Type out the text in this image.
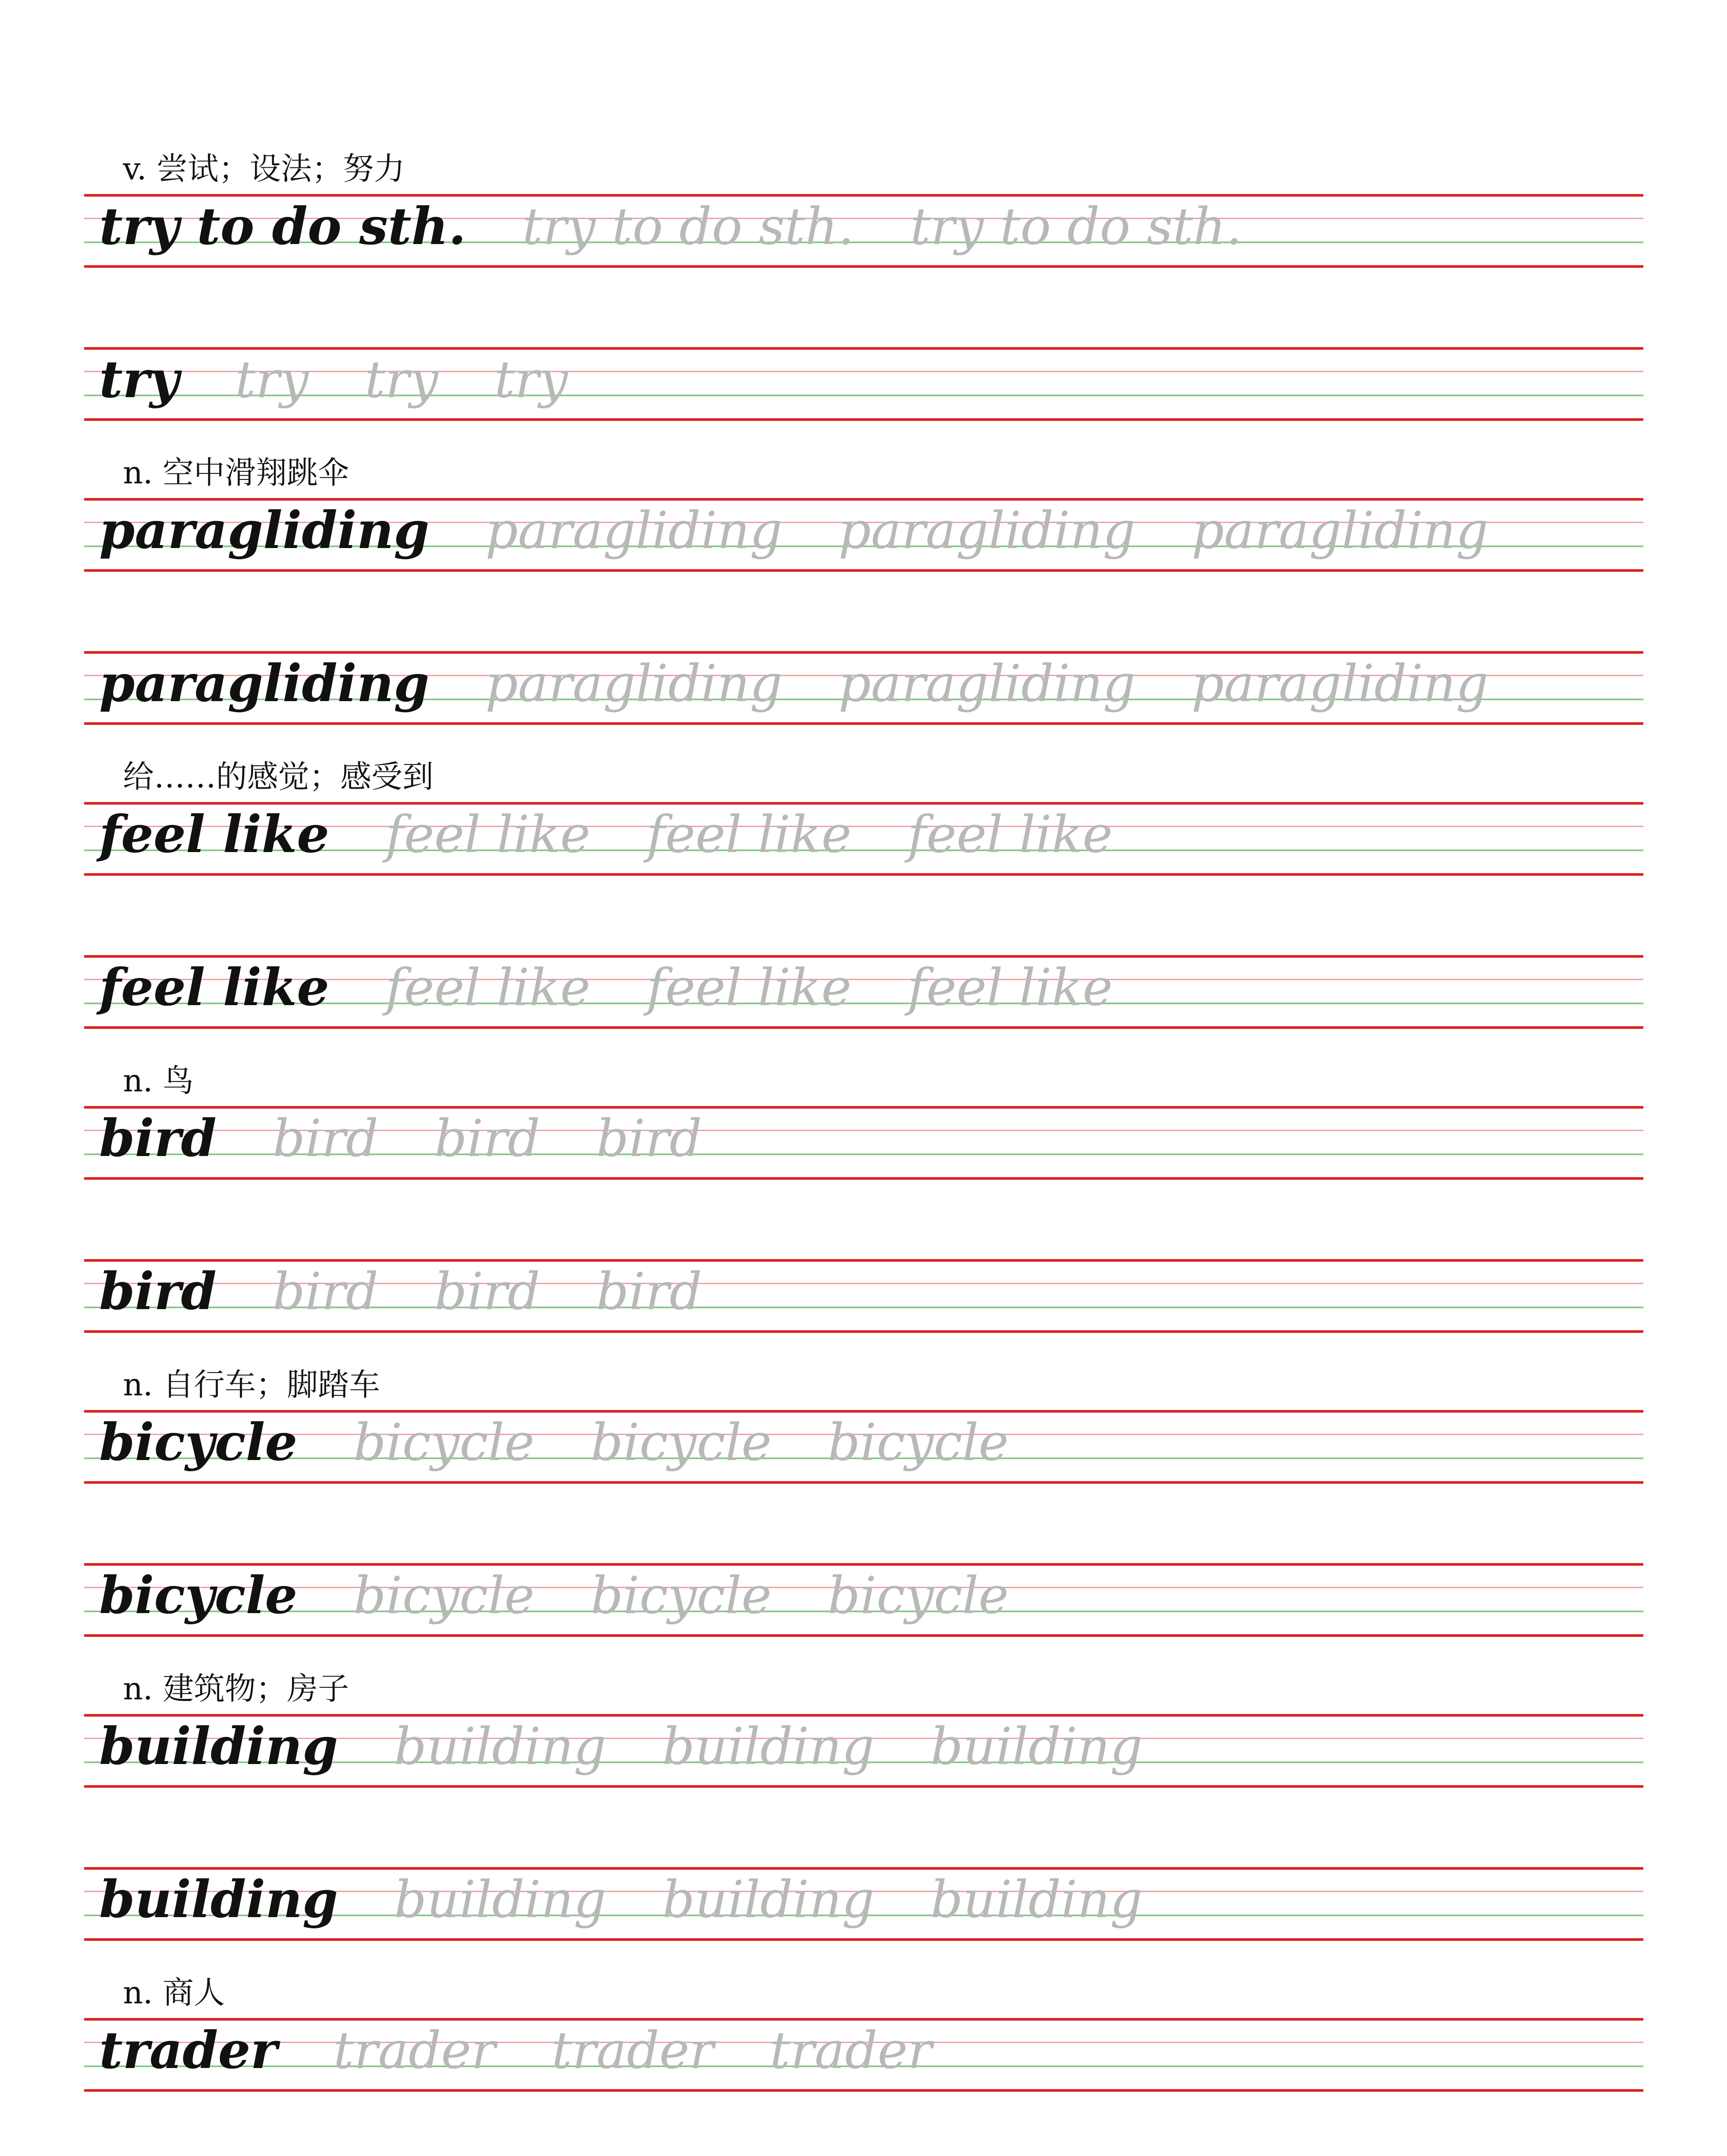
v. 尝试；设法；努力
try to do sth. try to do sth. try to do sth.
try try try try
n. 空中滑翔跳伞
paragliding paragliding paragliding paragliding
paragliding paragliding paragliding paragliding
给……的感觉；感受到
feel like feel like feel like feel like
feel like feel like feel like feel like
n. 鸟
bird bird bird bird
bird bird bird bird
n. 自行车；脚踏车
bicycle bicycle bicycle bicycle
bicycle bicycle bicycle bicycle
n. 建筑物；房子
building building building building
building building building building
n. 商人
trader trader trader trader
